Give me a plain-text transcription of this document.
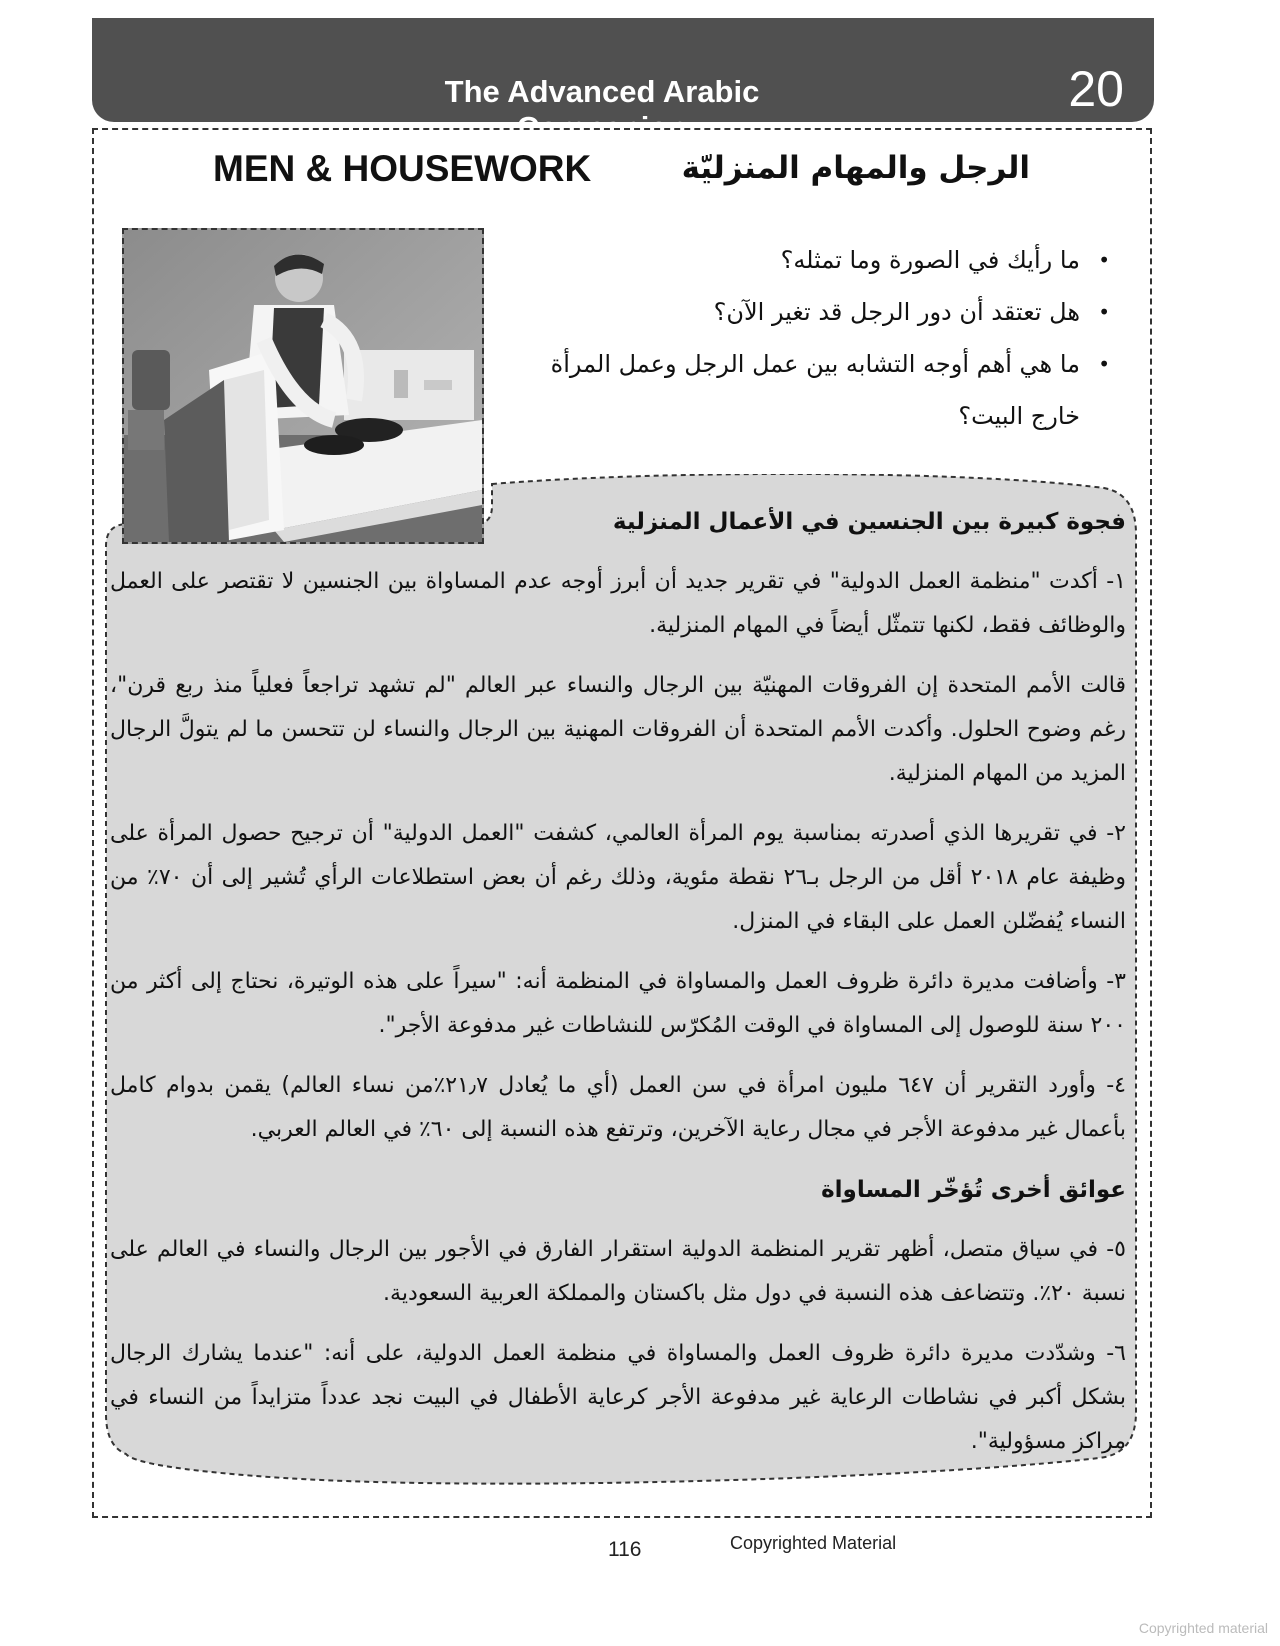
The Advanced Arabic Companion
20
MEN & HOUSEWORK	الرجل والمهام المنزليّة
• ما رأيك في الصورة وما تمثله؟
• هل تعتقد أن دور الرجل قد تغير الآن؟
• ما هي أهم أوجه التشابه بين عمل الرجل وعمل المرأة خارج البيت؟
فجوة كبيرة بين الجنسين في الأعمال المنزلية

١- أكدت "منظمة العمل الدولية" في تقرير جديد أن أبرز أوجه عدم المساواة بين الجنسين لا تقتصر على العمل والوظائف فقط، لكنها تتمثّل أيضاً في المهام المنزلية.

قالت الأمم المتحدة إن الفروقات المهنيّة بين الرجال والنساء عبر العالم "لم تشهد تراجعاً فعلياً منذ ربع قرن"، رغم وضوح الحلول. وأكدت الأمم المتحدة أن الفروقات المهنية بين الرجال والنساء لن تتحسن ما لم يتولَّ الرجال المزيد من المهام المنزلية.

٢- في تقريرها الذي أصدرته بمناسبة يوم المرأة العالمي، كشفت "العمل الدولية" أن ترجيح حصول المرأة على وظيفة عام ٢٠١٨ أقل من الرجل بـ٢٦ نقطة مئوية، وذلك رغم أن بعض استطلاعات الرأي تُشير إلى أن ٧٠٪ من النساء يُفضّلن العمل على البقاء في المنزل.

٣- وأضافت مديرة دائرة ظروف العمل والمساواة في المنظمة أنه: "سيراً على هذه الوتيرة، نحتاج إلى أكثر من ٢٠٠ سنة للوصول إلى المساواة في الوقت المُكرّس للنشاطات غير مدفوعة الأجر".

٤- وأورد التقرير أن ٦٤٧ مليون امرأة في سن العمل (أي ما يُعادل ٢١٫٧٪من نساء العالم) يقمن بدوام كامل بأعمال غير مدفوعة الأجر في مجال رعاية الآخرين، وترتفع هذه النسبة إلى ٦٠٪ في العالم العربي.

عوائق أخرى تُؤخّر المساواة

٥- في سياق متصل، أظهر تقرير المنظمة الدولية استقرار الفارق في الأجور بين الرجال والنساء في العالم على نسبة ٢٠٪. وتتضاعف هذه النسبة في دول مثل باكستان والمملكة العربية السعودية.

٦- وشدّدت مديرة دائرة ظروف العمل والمساواة في منظمة العمل الدولية، على أنه: "عندما يشارك الرجال بشكل أكبر في نشاطات الرعاية غير مدفوعة الأجر كرعاية الأطفال في البيت نجد عدداً متزايداً من النساء في مراكز مسؤولية".

116	Copyrighted Material
Copyrighted material
